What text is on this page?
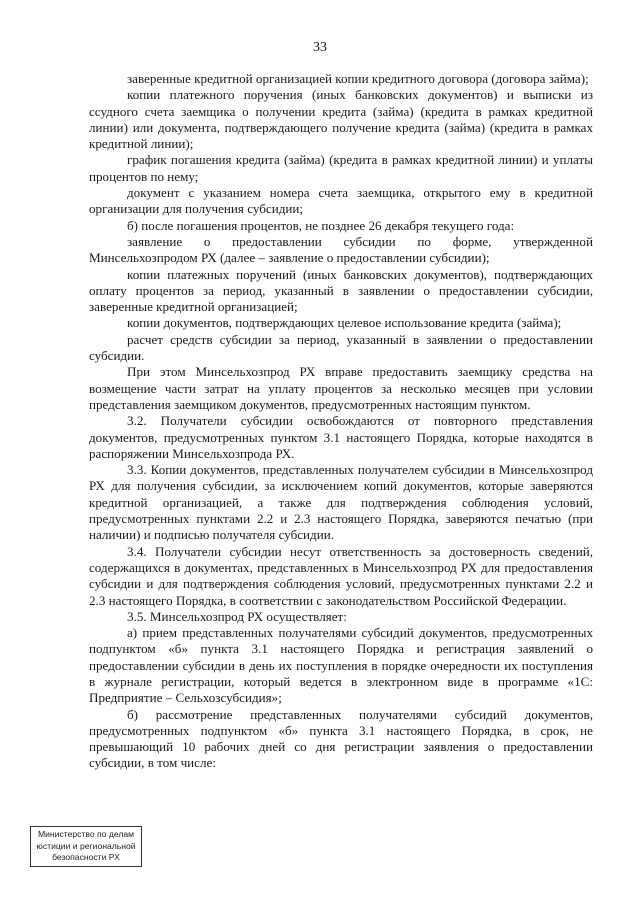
33

заверенные кредитной организацией копии кредитного договора (договора займа);

копии платежного поручения (иных банковских документов) и выписки из ссудного счета заемщика о получении кредита (займа) (кредита в рамках кредитной линии) или документа, подтверждающего получение кредита (займа) (кредита в рамках кредитной линии);

график погашения кредита (займа) (кредита в рамках кредитной линии) и уплаты процентов по нему;

документ с указанием номера счета заемщика, открытого ему в кредитной организации для получения субсидии;

б) после погашения процентов, не позднее 26 декабря текущего года:

заявление о предоставлении субсидии по форме, утвержденной Минсельхозпродом РХ (далее – заявление о предоставлении субсидии);

копии платежных поручений (иных банковских документов), подтверждающих оплату процентов за период, указанный в заявлении о предоставлении субсидии, заверенные кредитной организацией;

копии документов, подтверждающих целевое использование кредита (займа);

расчет средств субсидии за период, указанный в заявлении о предоставлении субсидии.

При этом Минсельхозпрод РХ вправе предоставить заемщику средства на возмещение части затрат на уплату процентов за несколько месяцев при условии представления заемщиком документов, предусмотренных настоящим пунктом.

3.2. Получатели субсидии освобождаются от повторного представления документов, предусмотренных пунктом 3.1 настоящего Порядка, которые находятся в распоряжении Минсельхозпрода РХ.

3.3. Копии документов, представленных получателем субсидии в Минсельхозпрод РХ для получения субсидии, за исключением копий документов, которые заверяются кредитной организацией, а также для подтверждения соблюдения условий, предусмотренных пунктами 2.2 и 2.3 настоящего Порядка, заверяются печатью (при наличии) и подписью получателя субсидии.

3.4. Получатели субсидии несут ответственность за достоверность сведений, содержащихся в документах, представленных в Минсельхозпрод РХ для предоставления субсидии и для подтверждения соблюдения условий, предусмотренных пунктами 2.2 и 2.3 настоящего Порядка, в соответствии с законодательством Российской Федерации.

3.5. Минсельхозпрод РХ осуществляет:

а) прием представленных получателями субсидий документов, предусмотренных подпунктом «б» пункта 3.1 настоящего Порядка и регистрация заявлений о предоставлении субсидии в день их поступления в порядке очередности их поступления в журнале регистрации, который ведется в электронном виде в программе «1С: Предприятие – Сельхозсубсидия»;

б) рассмотрение представленных получателями субсидий документов, предусмотренных подпунктом «б» пункта 3.1 настоящего Порядка, в срок, не превышающий 10 рабочих дней со дня регистрации заявления о предоставлении субсидии, в том числе:

Министерство по делам
юстиции и региональной
безопасности РХ
